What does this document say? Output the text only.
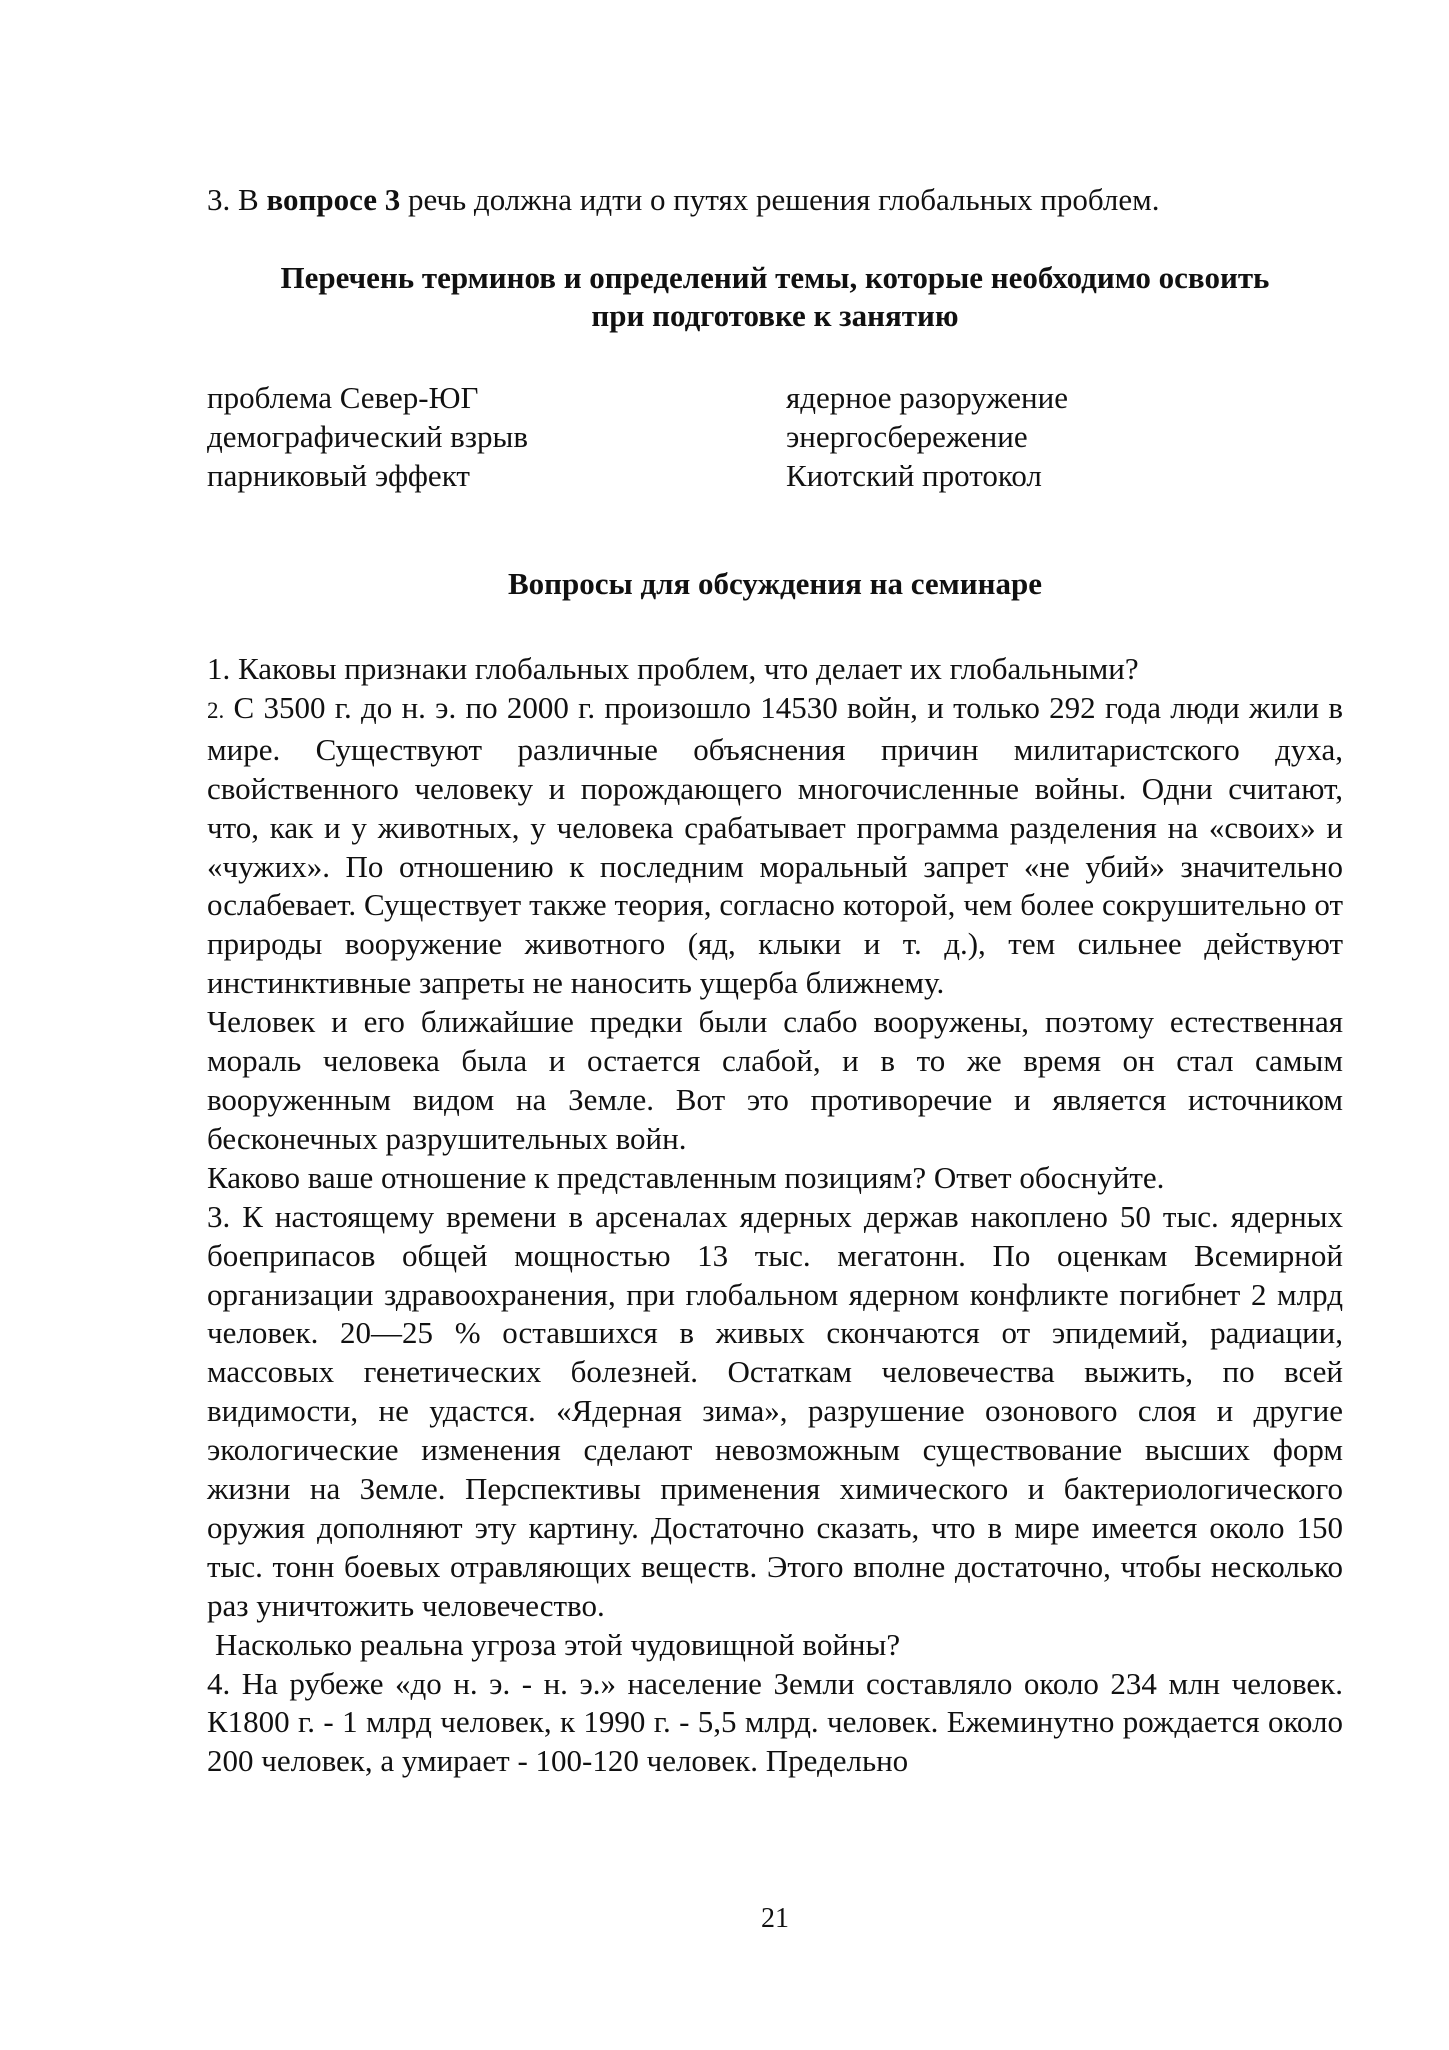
3. В вопросе 3 речь должна идти о путях решения глобальных проблем.
Перечень терминов и определений темы, которые необходимо освоить
при подготовке к занятию
проблема Север-ЮГ
демографический взрыв
парниковый эффект
ядерное разоружение
энергосбережение
Киотский протокол
Вопросы для обсуждения на семинаре

1. Каковы признаки глобальных проблем, что делает их глобальными?

2. С 3500 г. до н. э. по 2000 г. произошло 14530 войн, и только 292 года люди жили в мире. Существуют различные объяснения причин милитаристского духа, свойственного человеку и порождающего многочисленные войны. Одни считают, что, как и у животных, у человека срабатывает программа разделения на «своих» и «чужих». По отношению к последним моральный запрет «не убий» значительно ослабевает. Существует также теория, согласно которой, чем более сокрушительно от природы вооружение животного (яд, клыки и т. д.), тем сильнее действуют инстинктивные запреты не наносить ущерба ближнему.

Человек и его ближайшие предки были слабо вооружены, поэтому естественная мораль человека была и остается слабой, и в то же время он стал самым вооруженным видом на Земле. Вот это противоречие и является источником бесконечных разрушительных войн.

Каково ваше отношение к представленным позициям? Ответ обоснуйте.

3. К настоящему времени в арсеналах ядерных держав накоплено 50 тыс. ядерных боеприпасов общей мощностью 13 тыс. мегатонн. По оценкам Всемирной организации здравоохранения, при глобальном ядерном конфликте погибнет 2 млрд человек. 20—25 % оставшихся в живых скончаются от эпидемий, радиации, массовых генетических болезней. Остаткам человечества выжить, по всей видимости, не удастся. «Ядерная зима», разрушение озонового слоя и другие экологические изменения сделают невозможным существование высших форм жизни на Земле. Перспективы применения химического и бактериологического оружия дополняют эту картину. Достаточно сказать, что в мире имеется около 150 тыс. тонн боевых отравляющих веществ. Этого вполне достаточно, чтобы несколько раз уничтожить человечество.

Насколько реальна угроза этой чудовищной войны?

4. На рубеже «до н. э. - н. э.» население Земли составляло около 234 млн человек. К1800 г. - 1 млрд человек, к 1990 г. - 5,5 млрд. человек. Ежеминутно рождается около 200 человек, а умирает - 100-120 человек. Предельно

21
